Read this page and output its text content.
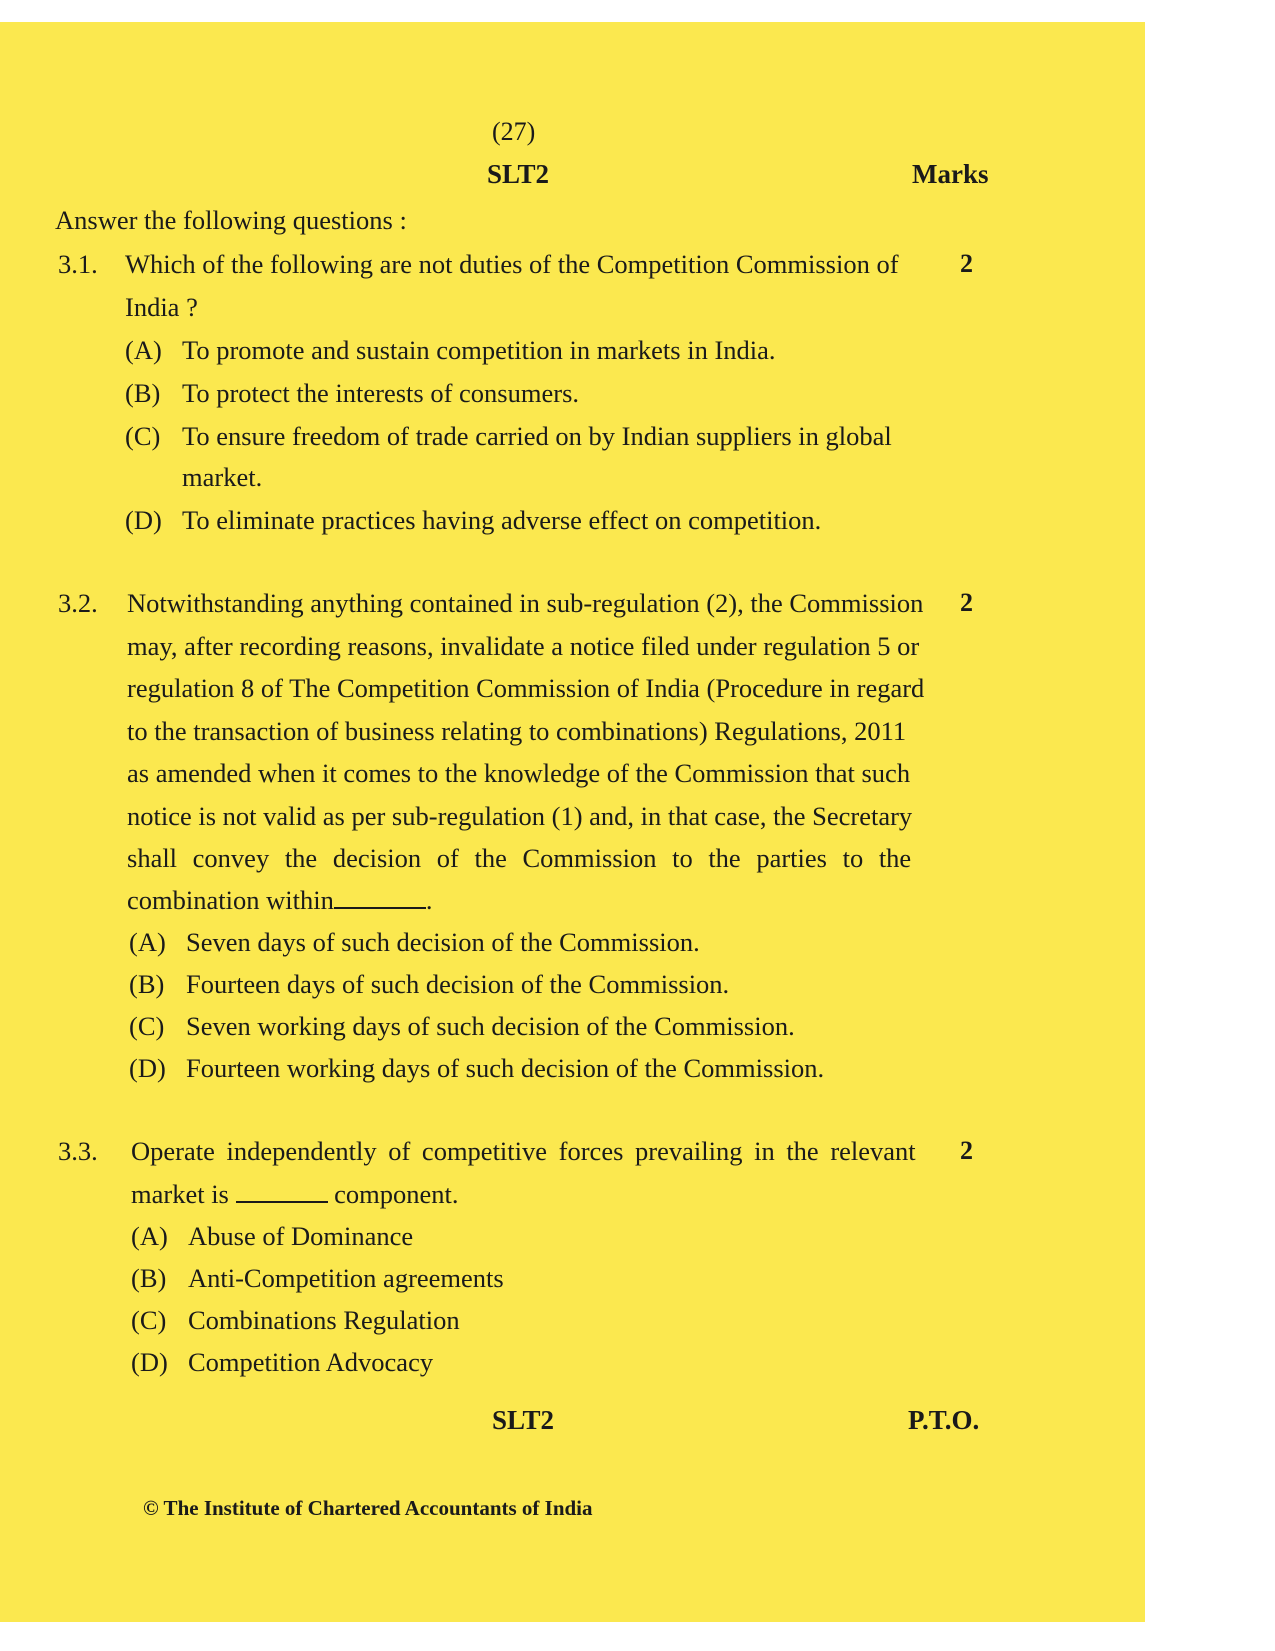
(27)
SLT2	Marks
Answer the following questions :
3.1.	2
Which of the following are not duties of the Competition Commission of
India ?
(A) To promote and sustain competition in markets in India.
(B) To protect the interests of consumers.
(C) To ensure freedom of trade carried on by Indian suppliers in global
market.
(D) To eliminate practices having adverse effect on competition.
3.2.	2
Notwithstanding anything contained in sub-regulation (2), the Commission
may, after recording reasons, invalidate a notice filed under regulation 5 or
regulation 8 of The Competition Commission of India (Procedure in regard
to the transaction of business relating to combinations) Regulations, 2011
as amended when it comes to the knowledge of the Commission that such
notice is not valid as per sub-regulation (1) and, in that case, the Secretary
shall convey the decision of the Commission to the parties to the
combination within	.
(A) Seven days of such decision of the Commission.
(B) Fourteen days of such decision of the Commission.
(C) Seven working days of such decision of the Commission.
(D) Fourteen working days of such decision of the Commission.
3.3.	2
Operate independently of competitive forces prevailing in the relevant
market is	component.
(A) Abuse of Dominance
(B) Anti-Competition agreements
(C) Combinations Regulation
(D) Competition Advocacy
SLT2	P.T.O.
© The Institute of Chartered Accountants of India
